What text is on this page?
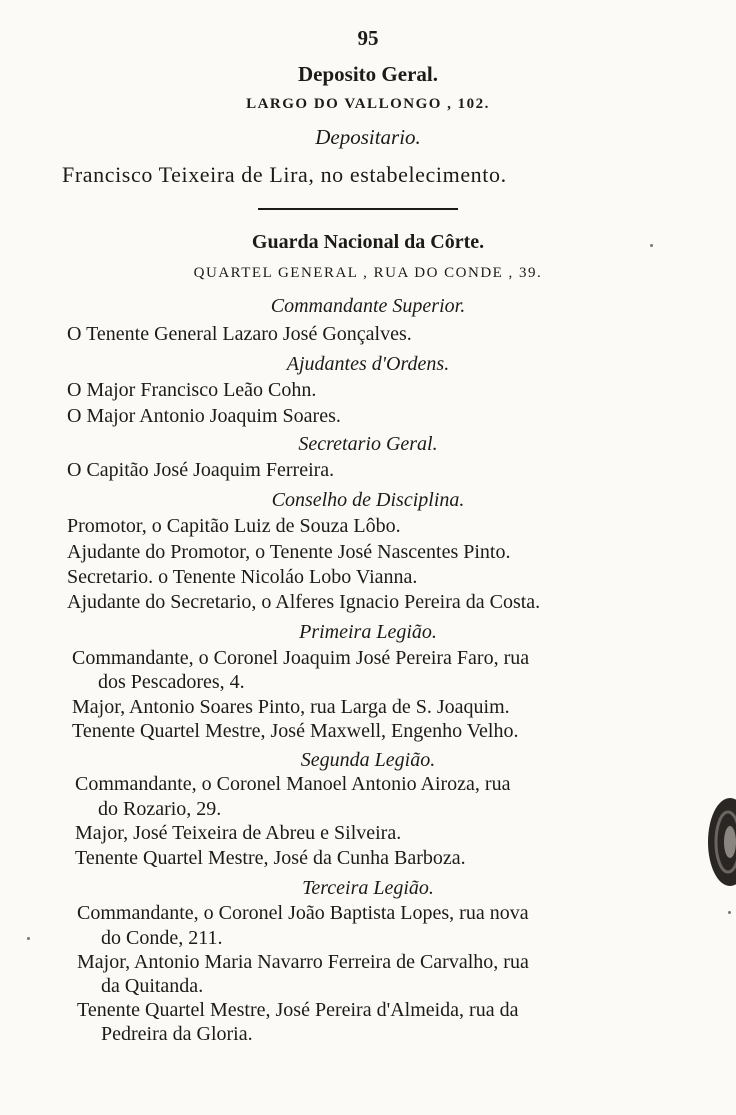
95
Deposito Geral.
LARGO DO VALLONGO , 102.
Depositario.
Francisco Teixeira de Lira, no estabelecimento.
Guarda Nacional da Côrte.
QUARTEL GENERAL , RUA DO CONDE , 39.
Commandante Superior.
O Tenente General Lazaro José Gonçalves.
Ajudantes d'Ordens.
O Major Francisco Leão Cohn.
O Major Antonio Joaquim Soares.
Secretario Geral.
O Capitão José Joaquim Ferreira.
Conselho de Disciplina.
Promotor, o Capitão Luiz de Souza Lôbo.
Ajudante do Promotor, o Tenente José Nascentes Pinto.
Secretario. o Tenente Nicoláo Lobo Vianna.
Ajudante do Secretario, o Alferes Ignacio Pereira da Costa.
Primeira Legião.
Commandante, o Coronel Joaquim José Pereira Faro, rua
dos Pescadores, 4.
Major, Antonio Soares Pinto, rua Larga de S. Joaquim.
Tenente Quartel Mestre, José Maxwell, Engenho Velho.
Segunda Legião.
Commandante, o Coronel Manoel Antonio Airoza, rua
do Rozario, 29.
Major, José Teixeira de Abreu e Silveira.
Tenente Quartel Mestre, José da Cunha Barboza.
Terceira Legião.
Commandante, o Coronel João Baptista Lopes, rua nova
do Conde, 211.
Major, Antonio Maria Navarro Ferreira de Carvalho, rua
da Quitanda.
Tenente Quartel Mestre, José Pereira d'Almeida, rua da
Pedreira da Gloria.
